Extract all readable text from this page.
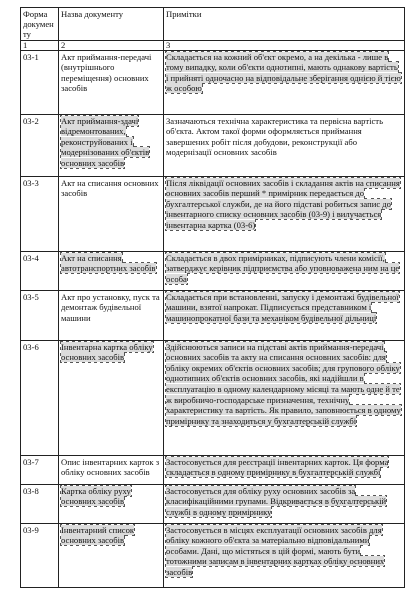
Форма документу	Назва документу	Примітки
1	2	3
03-1	Акт приймання-передачі (внутрішнього переміщення) основних засобів	Складається на кожний об'єкт окремо, а на декілька - лише в тому випадку, коли об'єкти однотипні, мають однакову вартість і прийняті одночасно на відповідальне зберігання однією й тією ж особою
03-2	Акт приймання-здачі відремонтованих, реконструйованих і модернізованих об'єктів основних засобів	Зазначаються технічна характеристика та первісна вартість об'єкта. Актом такої форми оформляється приймання завершених робіт після добудови, реконструкції або модернізації основних засобів
03-3	Акт на списання основних засобів	Після ліквідації основних засобів і складання актів на списання основних засобів перший * примірник передається до бухгалтерської служби, де на його підставі робиться запис до інвентарного списку основних засобів (03-9) і вилучається інвентарна картка (03-6)
03-4	Акт на списання автотранспортних засобів	Складається в двох примірниках, підписують члени комісії, затверджує керівник підприємства або уповноважена ним на це особа
03-5	Акт про установку, пуск та демонтаж будівельної машини	Складається при встановленні, запуску і демонтажі будівельної машини, взятої напрокат. Підписується представником і машинопрокатної бази та механіком будівельної дільниці
03-6	Інвентарна картка обліку основних засобів	Здійснюються записи на підставі актів приймання-передачі основних засобів та акту на списання основних засобів: для обліку окремих об'єктів основних засобів; для групового обліку однотипних об'єктів основних засобів, які надійшли в експлуатацію в одному календарному місяці та мають одне й те ж виробничо-господарське призначення, технічну характеристику та вартість. Як правило, заповнюється в одному примірнику та знаходиться у бухгалтерській службі
03-7	Опис інвентарних карток з обліку основних засобів	Застосовується для реєстрації інвентарних карток. Ця форма складається в одному примірнику в бухгалтерській службі
03-8	Картка обліку руху основних засобів	Застосовується для обліку руху основних засобів за класифікаційними групами. Відкривається в бухгалтерській службі в одному примірнику
03-9	Інвентарний список основних засобів	Застосовується в місцях експлуатації основних засобів для обліку кожного об'єкта за матеріально відповідальними особами. Дані, що містяться в цій формі, мають бути тотожними записам в інвентарних картках обліку основних засобів
